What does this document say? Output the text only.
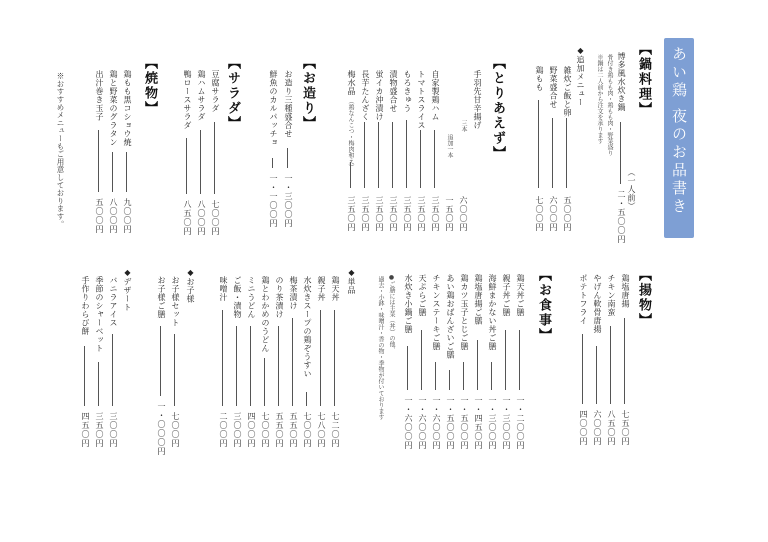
あい鶏 夜のお品書き
【鍋料理】
（一人前）
博多風水炊き鍋
二・五〇〇円
骨付き鶏もも肉・鶏もも肉・野菜盛り
※鍋は二人前から注文を承ります
◆追加メニュー
雑炊ご飯と卵
五〇〇円
野菜盛合せ
六〇〇円
鶏もも
七〇〇円
【とりあえず】
手羽先甘辛揚げ
三本
六〇〇円
追加一本
一五〇円
自家製鶏ハム
三五〇円
トマトスライス
三五〇円
もろきゅう
三五〇円
漬物盛合せ
三五〇円
蛍イカ沖漬け
三五〇円
長芋たんざく
三五〇円
梅水晶
（鶏なんこつ・梅肉和え）
三五〇円
【お造り】
お造り三種盛合せ
一・三〇〇円
鮮魚のカルパッチョ
一・一〇〇円
【サラダ】
豆腐サラダ
七〇〇円
鶏ハムサラダ
八〇〇円
鴨ロースサラダ
八五〇円
【焼物】
鶏もも黒コショウ焼
九〇〇円
鶏と野菜のグラタン
八〇〇円
出汁巻き玉子
五〇〇円
※おすすめメニューもご用意しております。
【揚物】
鶏塩唐揚
七五〇円
チキン南蛮
八五〇円
やげん軟骨唐揚
六〇〇円
ポテトフライ
四〇〇円
【お食事】
鶏天丼ご膳
一・二〇〇円
親子丼ご膳
一・三〇〇円
海鮮まかない丼ご膳
一・三〇〇円
鶏塩唐揚ご膳
一・四五〇円
鶏カツ玉子とじご膳
一・五〇〇円
あい鶏おばんざいご膳
一・五〇〇円
チキンステーキご膳
一・六〇〇円
天ぷらご膳
一・六〇〇円
水炊き小鍋ご膳
一・六〇〇円
●ご膳には主菜（丼）の他、
過去・小鉢・味噌汁・香の物・季物が付いております
◆単品
鶏天丼
七二〇円
親子丼
七八〇円
水炊きスープの鶏ぞうすい
七〇〇円
梅茶漬け
五五〇円
のり茶漬け
五五〇円
鶏とわかめのうどん
七〇〇円
ミニうどん
四〇〇円
ご飯・漬物
三〇〇円
味噌汁
二〇〇円
◆お子様
お子様セット
七〇〇円
お子様ご膳
一・〇〇〇円
◆デザート
バニラアイス
三〇〇円
季節のシャーベット
三五〇円
手作りわらび餅
四五〇円
